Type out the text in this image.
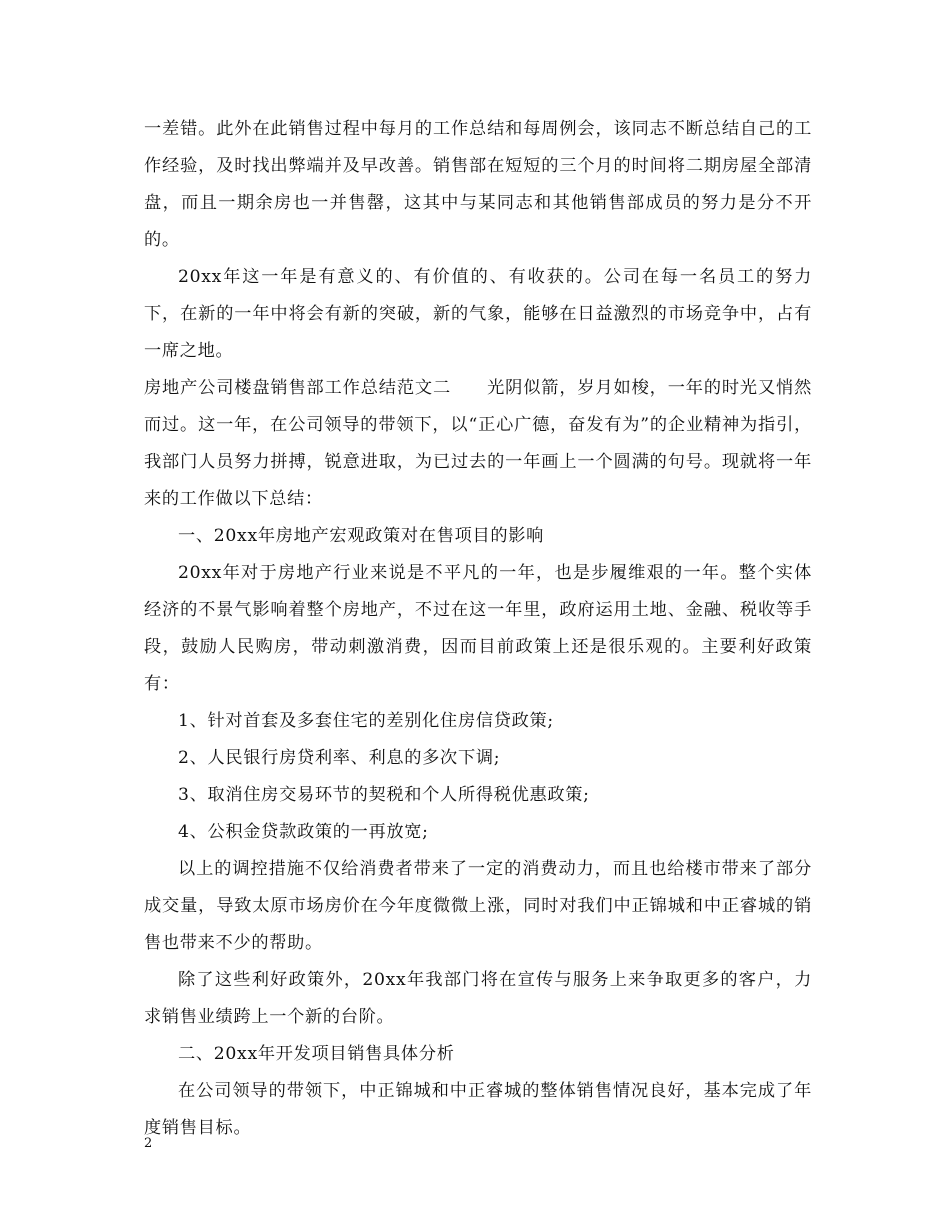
一差错。此外在此销售过程中每月的工作总结和每周例会，该同志不断总结自己的工作经验，及时找出弊端并及早改善。销售部在短短的三个月的时间将二期房屋全部清盘，而且一期余房也一并售罄，这其中与某同志和其他销售部成员的努力是分不开的。

20xx年这一年是有意义的、有价值的、有收获的。公司在每一名员工的努力下，在新的一年中将会有新的突破，新的气象，能够在日益激烈的市场竞争中，占有一席之地。

房地产公司楼盘销售部工作总结范文二　　光阴似箭，岁月如梭，一年的时光又悄然而过。这一年，在公司领导的带领下，以“正心广德，奋发有为”的企业精神为指引，我部门人员努力拼搏，锐意进取，为已过去的一年画上一个圆满的句号。现就将一年来的工作做以下总结：

一、20xx年房地产宏观政策对在售项目的影响

20xx年对于房地产行业来说是不平凡的一年，也是步履维艰的一年。整个实体经济的不景气影响着整个房地产，不过在这一年里，政府运用土地、金融、税收等手段，鼓励人民购房，带动刺激消费，因而目前政策上还是很乐观的。主要利好政策有：

1、针对首套及多套住宅的差别化住房信贷政策;

2、人民银行房贷利率、利息的多次下调;

3、取消住房交易环节的契税和个人所得税优惠政策;

4、公积金贷款政策的一再放宽;

以上的调控措施不仅给消费者带来了一定的消费动力，而且也给楼市带来了部分成交量，导致太原市场房价在今年度微微上涨，同时对我们中正锦城和中正睿城的销售也带来不少的帮助。

除了这些利好政策外，20xx年我部门将在宣传与服务上来争取更多的客户，力求销售业绩跨上一个新的台阶。

二、20xx年开发项目销售具体分析

在公司领导的带领下，中正锦城和中正睿城的整体销售情况良好，基本完成了年度销售目标。

2
